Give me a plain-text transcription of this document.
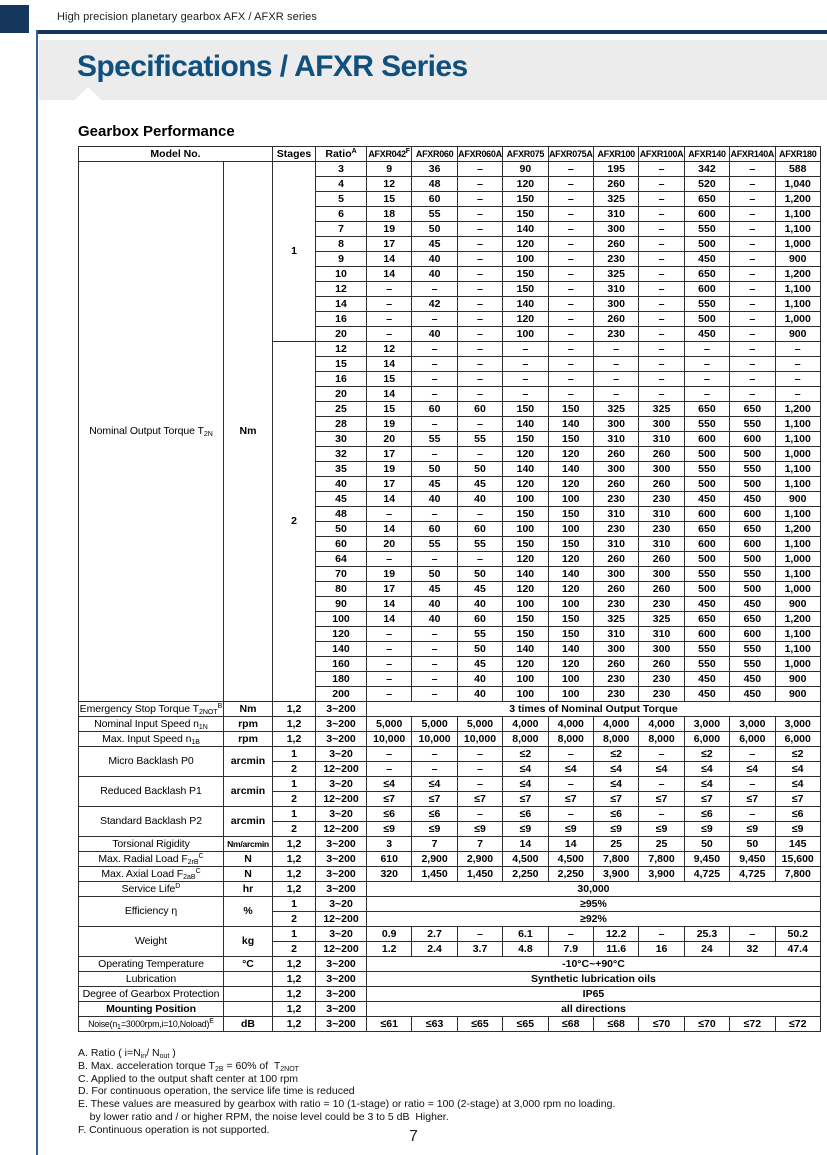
High precision planetary gearbox AFX / AFXR series
Specifications / AFXR Series
Gearbox Performance
Model No.		Stages	Ratio$^A$	$AFXR042^F$	AFXR060	AFXR060A	AFXR075	AFXR075A	AFXR100	AFXR100A	AFXR140	AFXR140A	AFXR180
Nominal Output Torque $T_{2N}$	Nm	1	3	9	36	–	90	–	195	–	342	–	588
			4	12	48	–	120	–	260	–	520	–	1,040
			5	15	60	–	150	–	325	–	650	–	1,200
			6	18	55	–	150	–	310	–	600	–	1,100
			7	19	50	–	140	–	300	–	550	–	1,100
			8	17	45	–	120	–	260	–	500	–	1,000
			9	14	40	–	100	–	230	–	450	–	900
			10	14	40	–	150	–	325	–	650	–	1,200
			12	–	–	–	150	–	310	–	600	–	1,100
			14	–	42	–	140	–	300	–	550	–	1,100
			16	–	–	–	120	–	260	–	500	–	1,000
			20	–	40	–	100	–	230	–	450	–	900
		2	12	12	–	–	–	–	–	–	–	–	–
			15	14	–	–	–	–	–	–	–	–	–
			16	15	–	–	–	–	–	–	–	–	–
			20	14	–	–	–	–	–	–	–	–	–
			25	15	60	60	150	150	325	325	650	650	1,200
			28	19	–	–	140	140	300	300	550	550	1,100
			30	20	55	55	150	150	310	310	600	600	1,100
			32	17	–	–	120	120	260	260	500	500	1,000
			35	19	50	50	140	140	300	300	550	550	1,100
			40	17	45	45	120	120	260	260	500	500	1,100
			45	14	40	40	100	100	230	230	450	450	900
			48	–	–	–	150	150	310	310	600	600	1,100
			50	14	60	60	100	100	230	230	650	650	1,200
			60	20	55	55	150	150	310	310	600	600	1,100
			64	–	–	–	120	120	260	260	500	500	1,000
			70	19	50	50	140	140	300	300	550	550	1,100
			80	17	45	45	120	120	260	260	500	500	1,000
			90	14	40	40	100	100	230	230	450	450	900
			100	14	40	60	150	150	325	325	650	650	1,200
			120	–	–	55	150	150	310	310	600	600	1,100
			140	–	–	50	140	140	300	300	550	550	1,100
			160	–	–	45	120	120	260	260	550	550	1,000
			180	–	–	40	100	100	230	230	450	450	900
			200	–	–	40	100	100	230	230	450	450	900
Emergency Stop Torque $T_{2NOT}^B$	Nm	1,2	3~200	3 times of Nominal Output Torque									
Nominal Input Speed $n_{1N}$	rpm	1,2	3~200	5,000	5,000	5,000	4,000	4,000	4,000	4,000	3,000	3,000	3,000
Max. Input Speed $n_{1B}$	rpm	1,2	3~200	10,000	10,000	10,000	8,000	8,000	8,000	8,000	6,000	6,000	6,000
Micro Backlash P0	arcmin	1	3~20	–	–	–	≤2	–	≤2	–	≤2	–	≤2
		2	12~200	–	–	–	≤4	≤4	≤4	≤4	≤4	≤4	≤4
Reduced Backlash P1	arcmin	1	3~20	≤4	≤4	–	≤4	–	≤4	–	≤4	–	≤4
		2	12~200	≤7	≤7	≤7	≤7	≤7	≤7	≤7	≤7	≤7	≤7
Standard Backlash P2	arcmin	1	3~20	≤6	≤6	–	≤6	–	≤6	–	≤6	–	≤6
		2	12~200	≤9	≤9	≤9	≤9	≤9	≤9	≤9	≤9	≤9	≤9
Torsional Rigidity	Nm/arcmin	1,2	3~200	3	7	7	14	14	25	25	50	50	145
Max. Radial Load $F_{2rB}^C$	N	1,2	3~200	610	2,900	2,900	4,500	4,500	7,800	7,800	9,450	9,450	15,600
Max. Axial Load $F_{2aB}^C$	N	1,2	3~200	320	1,450	1,450	2,250	2,250	3,900	3,900	4,725	4,725	7,800
Service Life$^D$	hr	1,2	3~200	30,000									
Efficiency η	%	1	3~20	≥95%									
		2	12~200	≥92%									
Weight	kg	1	3~20	0.9	2.7	–	6.1	–	12.2	–	25.3	–	50.2
		2	12~200	1.2	2.4	3.7	4.8	7.9	11.6	16	24	32	47.4
Operating Temperature	°C	1,2	3~200	-10°C~+90°C									
Lubrication		1,2	3~200	Synthetic lubrication oils									
Degree of Gearbox Protection		1,2	3~200	IP65									
Mounting Position		1,2	3~200	all directions									
$Noise(n_1=3000rpm,i=10,Noload)^E$	dB	1,2	3~200	≤61	≤63	≤65	≤65	≤68	≤68	≤70	≤70	≤72	≤72
A. Ratio ( $i=N_{in}/$ $N_{out}$ )
B. Max. acceleration torque $T_{2B} = 60\%$ of  $T_{2NOT}$
C. Applied to the output shaft center at 100 rpm
D. For continuous operation, the service life time is reduced
E. These values are measured by gearbox with ratio = 10 (1-stage) or ratio = 100 (2-stage) at 3,000 rpm no loading.
by lower ratio and / or higher RPM, the noise level could be 3 to 5 dB  Higher.
F. Continuous operation is not supported.	7
